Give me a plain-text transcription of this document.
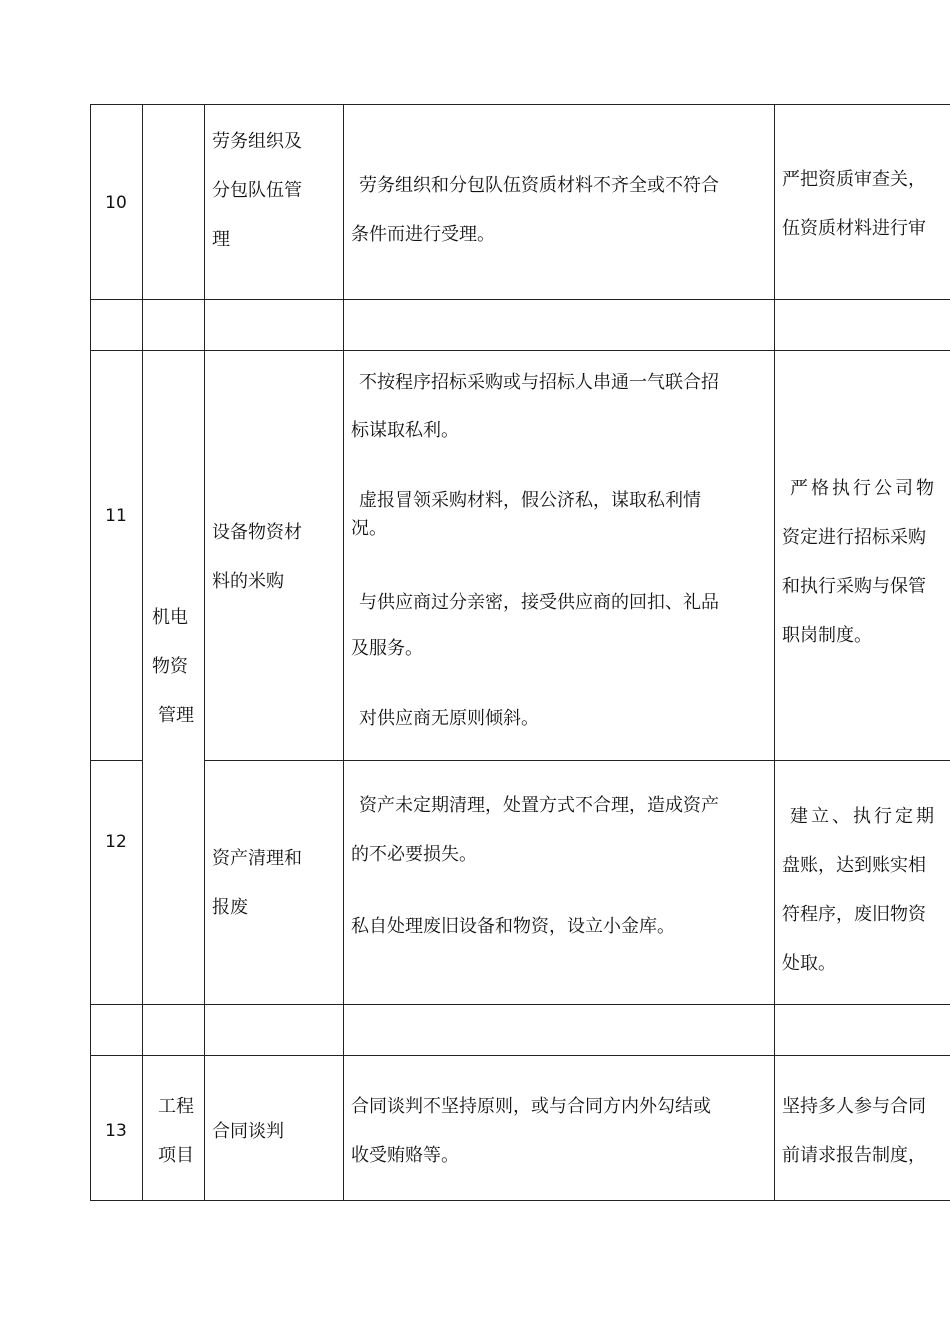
10
劳务组织及
分包队伍管
理
劳务组织和分包队伍资质材料不齐全或不符合
条件而进行受理。
严把资质审查关，
伍资质材料进行审
11
设备物资材
料的米购
不按程序招标采购或与招标人串通一气联合招
标谋取私利。
虚报冒领采购材料，假公济私，谋取私利情
况。
与供应商过分亲密，接受供应商的回扣、礼品
及服务。
对供应商无原则倾斜。
严格执行公司物
资定进行招标采购
和执行采购与保管
职岗制度。
机电
物资
管理
12
资产清理和
报废
资产未定期清理，处置方式不合理，造成资产
的不必要损失。
私自处理废旧设备和物资，设立小金库。
建立、执行定期
盘账，达到账实相
符程序，废旧物资
处取。
13
工程
项目
合同谈判
合同谈判不坚持原则，或与合同方内外勾结或
收受贿赂等。
坚持多人参与合同
前请求报告制度，
